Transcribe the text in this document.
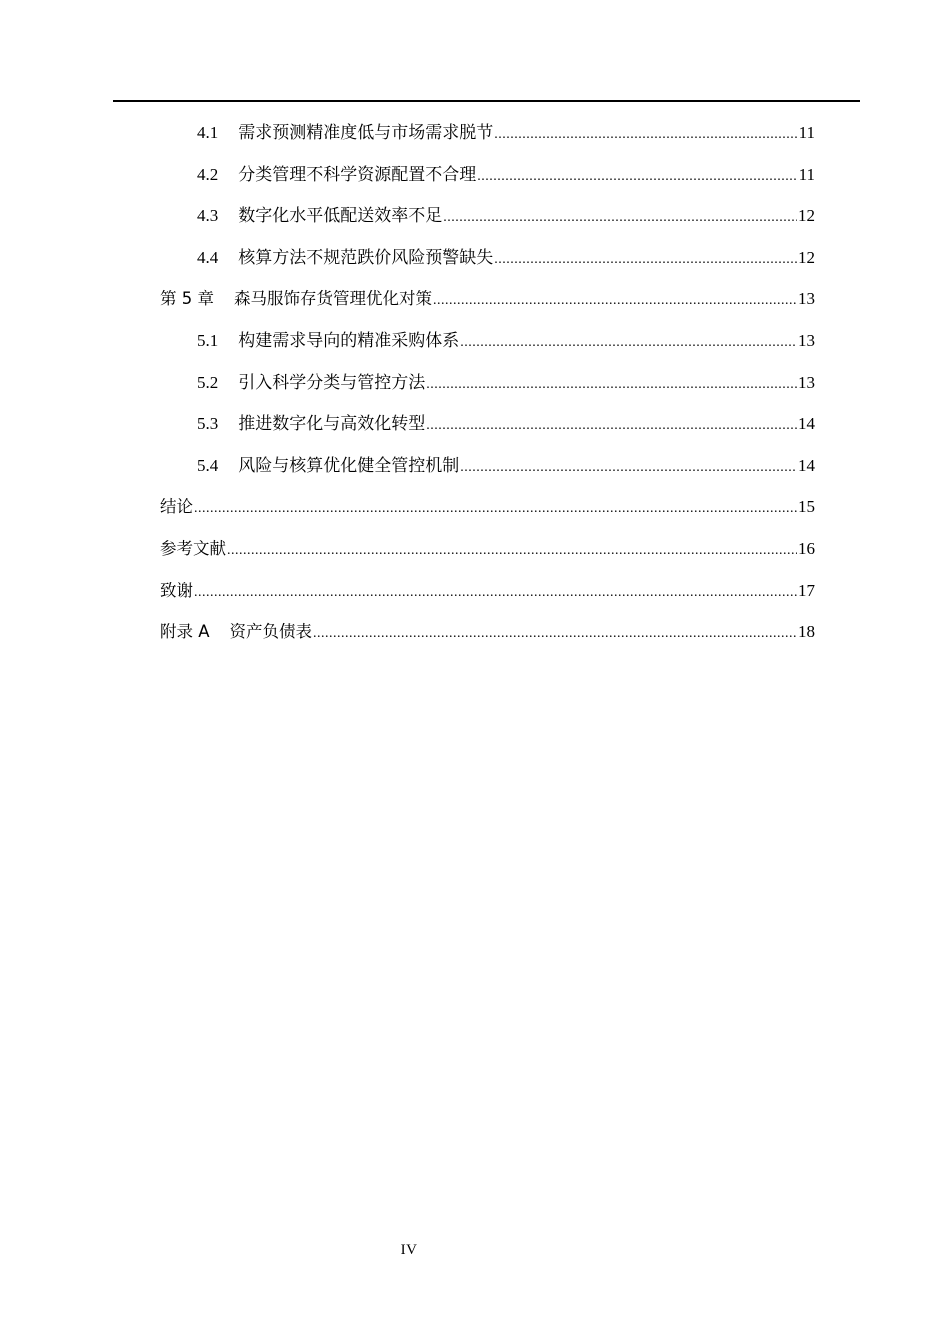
4.1 需求预测精准度低与市场需求脱节 .....	11
4.2 分类管理不科学资源配置不合理 .....	11
4.3 数字化水平低配送效率不足 .....	12
4.4 核算方法不规范跌价风险预警缺失 .....	12
第 5 章 森马服饰存货管理优化对策 .....	13
5.1 构建需求导向的精准采购体系 .....	13
5.2 引入科学分类与管控方法 .....	13
5.3 推进数字化与高效化转型 .....	14
5.4 风险与核算优化健全管控机制 .....	14
结论 .....	15
参考文献 .....	16
致谢 .....	17
附录 A 资产负债表 .....	18
IV
